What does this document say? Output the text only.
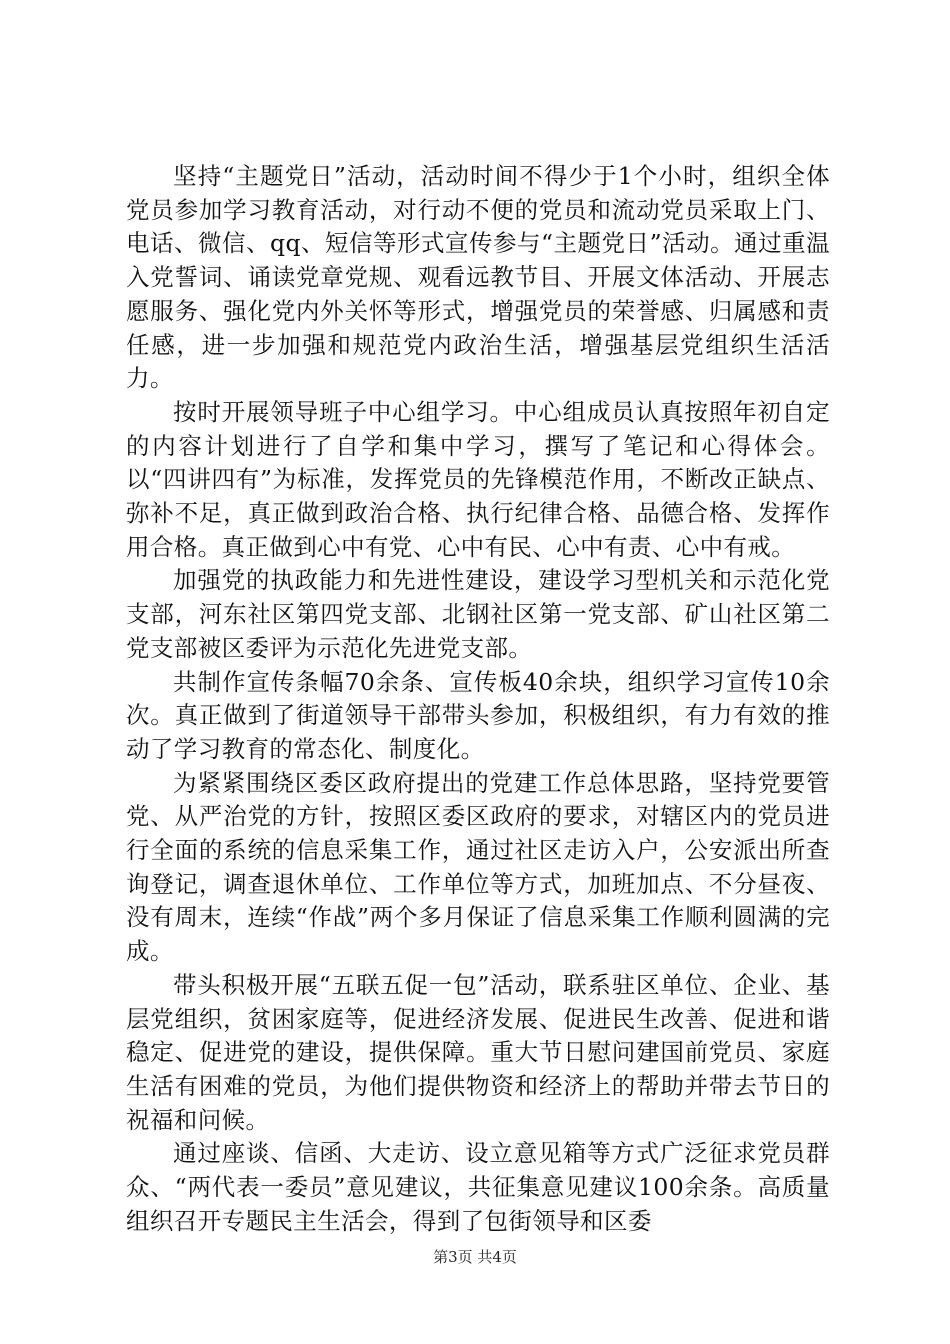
坚持“主题党日”活动，活动时间不得少于1个小时，组织全体党员参加学习教育活动，对行动不便的党员和流动党员采取上门、电话、微信、qq、短信等形式宣传参与“主题党日”活动。通过重温入党誓词、诵读党章党规、观看远教节目、开展文体活动、开展志愿服务、强化党内外关怀等形式，增强党员的荣誉感、归属感和责任感，进一步加强和规范党内政治生活，增强基层党组织生活活力。

按时开展领导班子中心组学习。中心组成员认真按照年初自定的内容计划进行了自学和集中学习，撰写了笔记和心得体会。以“四讲四有”为标准，发挥党员的先锋模范作用，不断改正缺点、弥补不足，真正做到政治合格、执行纪律合格、品德合格、发挥作用合格。真正做到心中有党、心中有民、心中有责、心中有戒。

加强党的执政能力和先进性建设，建设学习型机关和示范化党支部，河东社区第四党支部、北钢社区第一党支部、矿山社区第二党支部被区委评为示范化先进党支部。

共制作宣传条幅70余条、宣传板40余块，组织学习宣传10余次。真正做到了街道领导干部带头参加，积极组织，有力有效的推动了学习教育的常态化、制度化。

为紧紧围绕区委区政府提出的党建工作总体思路，坚持党要管党、从严治党的方针，按照区委区政府的要求，对辖区内的党员进行全面的系统的信息采集工作，通过社区走访入户，公安派出所查询登记，调查退休单位、工作单位等方式，加班加点、不分昼夜、没有周末，连续“作战”两个多月保证了信息采集工作顺利圆满的完成。

带头积极开展“五联五促一包”活动，联系驻区单位、企业、基层党组织，贫困家庭等，促进经济发展、促进民生改善、促进和谐稳定、促进党的建设，提供保障。重大节日慰问建国前党员、家庭生活有困难的党员，为他们提供物资和经济上的帮助并带去节日的祝福和问候。

通过座谈、信函、大走访、设立意见箱等方式广泛征求党员群众、“两代表一委员”意见建议，共征集意见建议100余条。高质量组织召开专题民主生活会，得到了包街领导和区委

第3页 共4页
